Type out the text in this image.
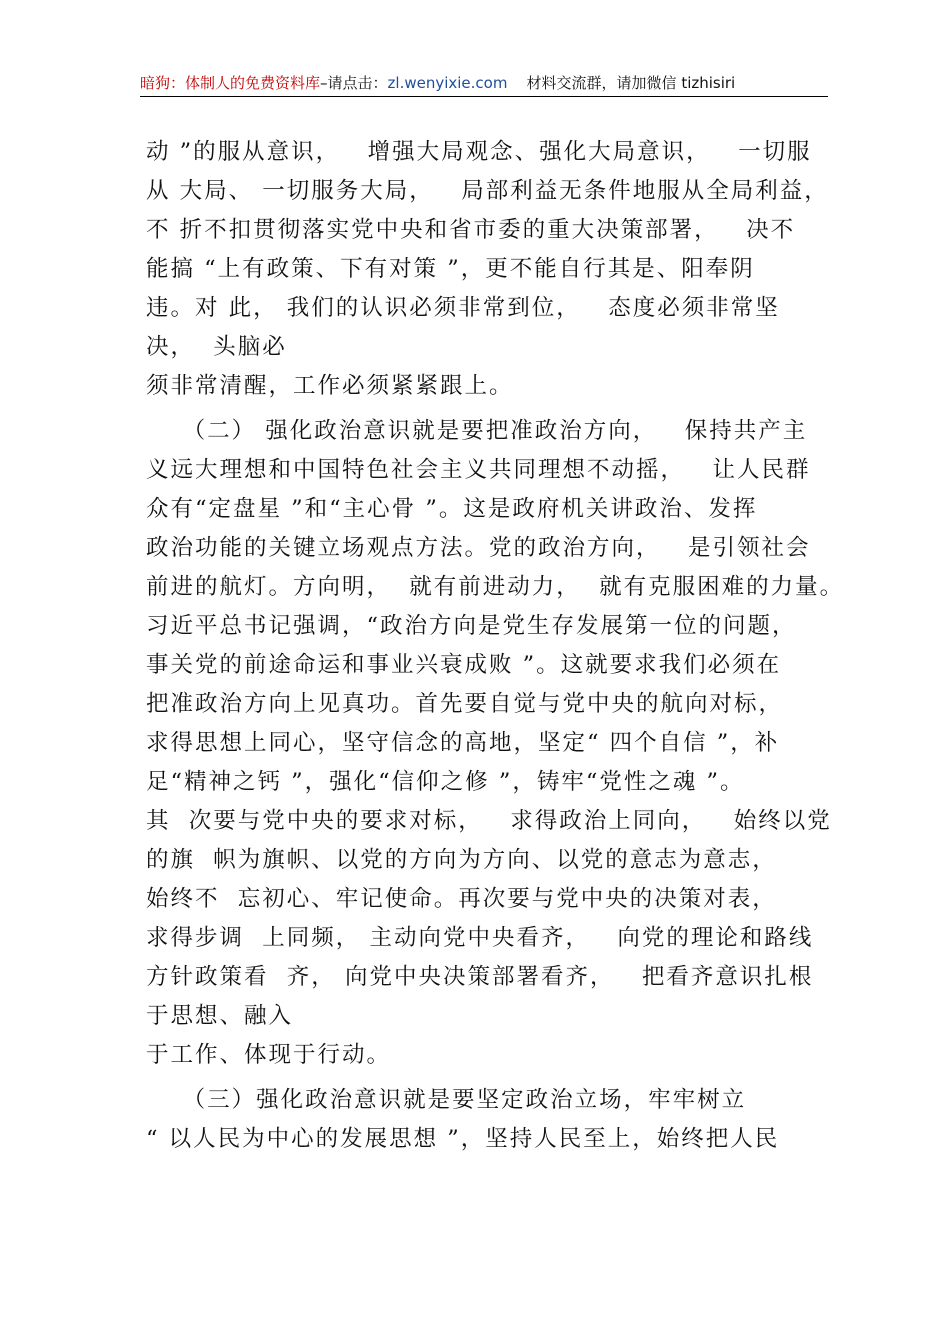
暗狗：体制人的免费资料库–请点击：zl.wenyixie.com 材料交流群，请加微信 tizhisiri
动 ”的服从意识，   增强大局观念、强化大局意识，   一切服
从 大局、 一切服务大局，   局部利益无条件地服从全局利益，
不 折不扣贯彻落实党中央和省市委的重大决策部署，   决不
能搞 “上有政策、下有对策 ”，更不能自行其是、阳奉阴
违。对 此， 我们的认识必须非常到位，   态度必须非常坚
决，  头脑必
须非常清醒，工作必须紧紧跟上。
（二） 强化政治意识就是要把准政治方向，   保持共产主
义远大理想和中国特色社会主义共同理想不动摇，   让人民群
众有“定盘星 ”和“主心骨 ”。这是政府机关讲政治、发挥
政治功能的关键立场观点方法。党的政治方向，   是引领社会
前进的航灯。方向明，  就有前进动力，  就有克服困难的力量。
习近平总书记强调，“政治方向是党生存发展第一位的问题，
事关党的前途命运和事业兴衰成败 ”。这就要求我们必须在
把准政治方向上见真功。首先要自觉与党中央的航向对标，
求得思想上同心，坚守信念的高地，坚定“ 四个自信 ”，补
足“精神之钙 ”，强化“信仰之修 ”，铸牢“党性之魂 ”。
其  次要与党中央的要求对标，   求得政治上同向，   始终以党
的旗  帜为旗帜、以党的方向为方向、以党的意志为意志，
始终不  忘初心、牢记使命。再次要与党中央的决策对表，
求得步调  上同频， 主动向党中央看齐，   向党的理论和路线
方针政策看  齐， 向党中央决策部署看齐，   把看齐意识扎根
于思想、融入
于工作、体现于行动。
（三）强化政治意识就是要坚定政治立场，牢牢树立
“ 以人民为中心的发展思想 ”，坚持人民至上，始终把人民
